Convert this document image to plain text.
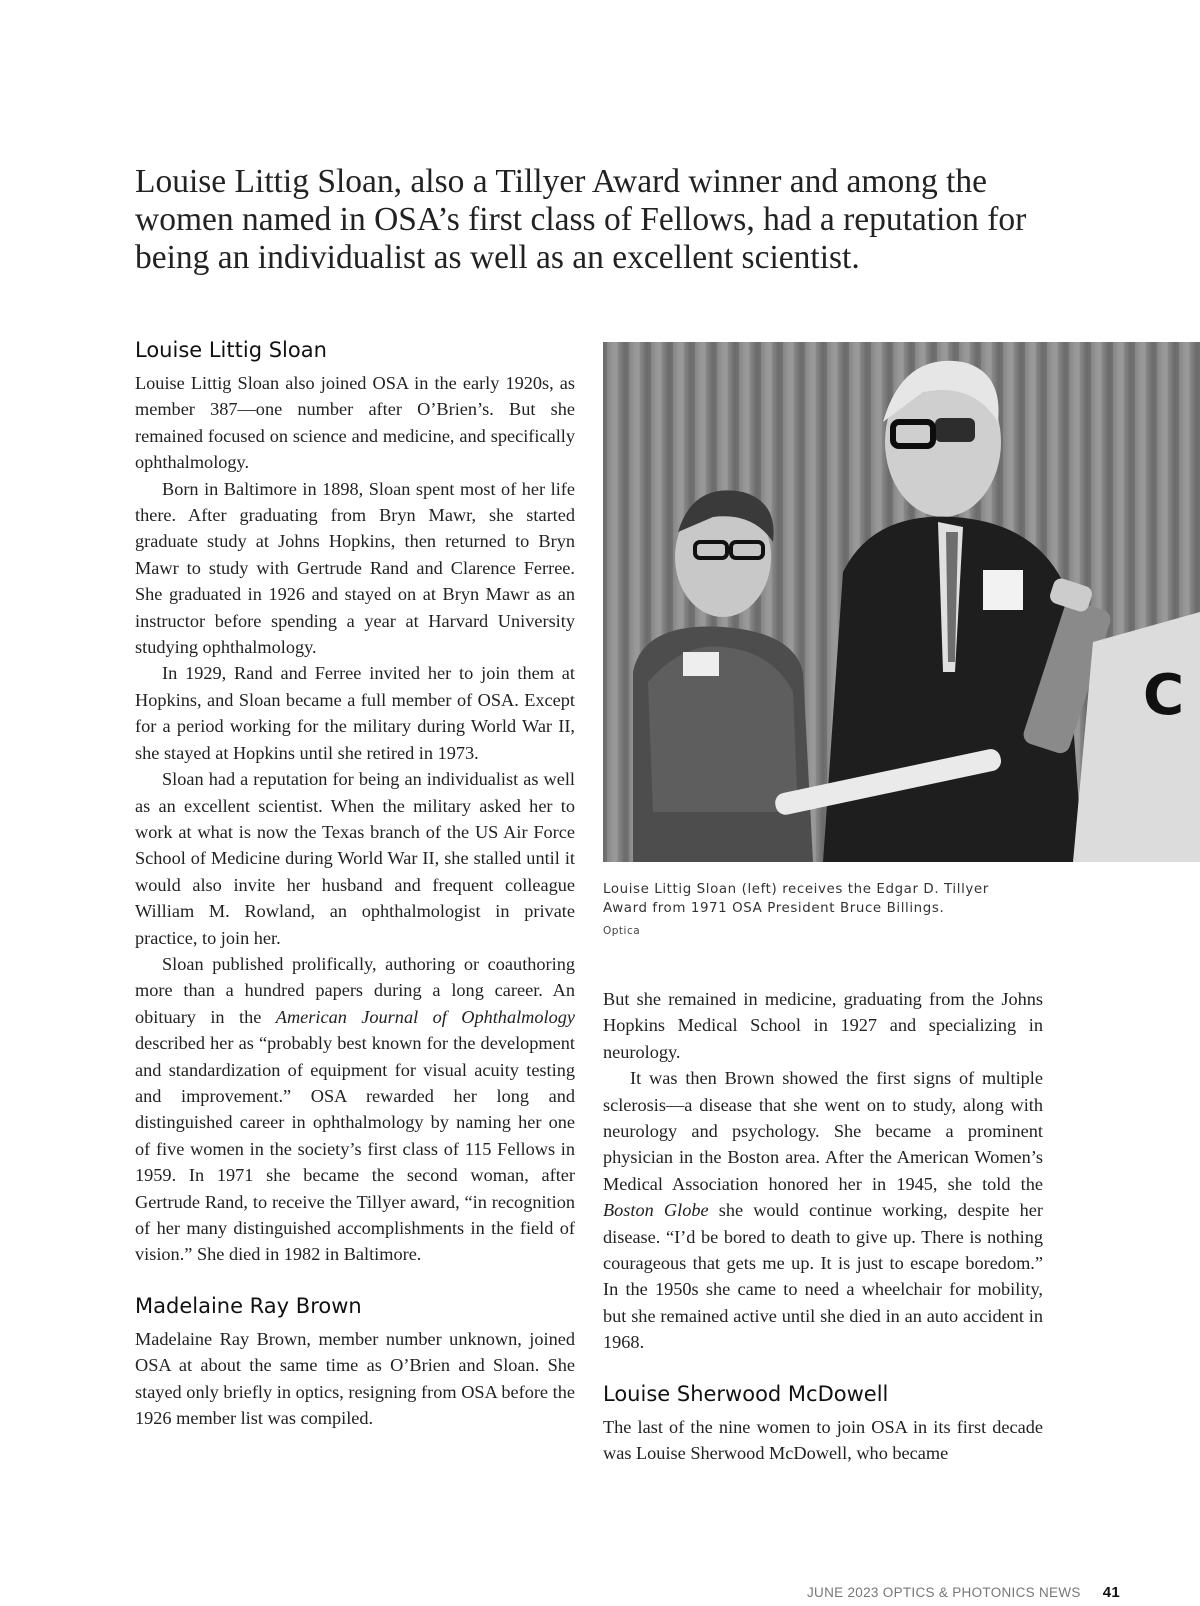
Louise Littig Sloan, also a Tillyer Award winner and among the women named in OSA’s first class of Fellows, had a reputation for being an individualist as well as an excellent scientist.
Louise Littig Sloan

Louise Littig Sloan also joined OSA in the early 1920s, as member 387—one number after O’Brien’s. But she remained focused on science and medicine, and specifically ophthalmology.

Born in Baltimore in 1898, Sloan spent most of her life there. After graduating from Bryn Mawr, she started graduate study at Johns Hopkins, then returned to Bryn Mawr to study with Gertrude Rand and Clarence Ferree. She graduated in 1926 and stayed on at Bryn Mawr as an instructor before spending a year at Harvard University studying ophthalmology.

In 1929, Rand and Ferree invited her to join them at Hopkins, and Sloan became a full member of OSA. Except for a period working for the military during World War II, she stayed at Hopkins until she retired in 1973.

Sloan had a reputation for being an individualist as well as an excellent scientist. When the military asked her to work at what is now the Texas branch of the US Air Force School of Medicine during World War II, she stalled until it would also invite her husband and frequent colleague William M. Rowland, an ophthalmologist in private practice, to join her.

Sloan published prolifically, authoring or coauthoring more than a hundred papers during a long career. An obituary in the American Journal of Ophthalmology described her as “probably best known for the development and standardization of equipment for visual acuity testing and improvement.” OSA rewarded her long and distinguished career in ophthalmology by naming her one of five women in the society’s first class of 115 Fellows in 1959. In 1971 she became the second woman, after Gertrude Rand, to receive the Tillyer award, “in recognition of her many distinguished accomplishments in the field of vision.” She died in 1982 in Baltimore.

Madelaine Ray Brown

Madelaine Ray Brown, member number unknown, joined OSA at about the same time as O’Brien and Sloan. She stayed only briefly in optics, resigning from OSA before the 1926 member list was compiled.

C

Louise Littig Sloan (left) receives the Edgar D. Tillyer Award from 1971 OSA President Bruce Billings.

Optica

But she remained in medicine, graduating from the Johns Hopkins Medical School in 1927 and specializing in neurology.

It was then Brown showed the first signs of multiple sclerosis—a disease that she went on to study, along with neurology and psychology. She became a prominent physician in the Boston area. After the American Women’s Medical Association honored her in 1945, she told the Boston Globe she would continue working, despite her disease. “I’d be bored to death to give up. There is nothing courageous that gets me up. It is just to escape boredom.” In the 1950s she came to need a wheelchair for mobility, but she remained active until she died in an auto accident in 1968.

Louise Sherwood McDowell

The last of the nine women to join OSA in its first decade was Louise Sherwood McDowell, who became

JUNE 2023 OPTICS & PHOTONICS NEWS 41
